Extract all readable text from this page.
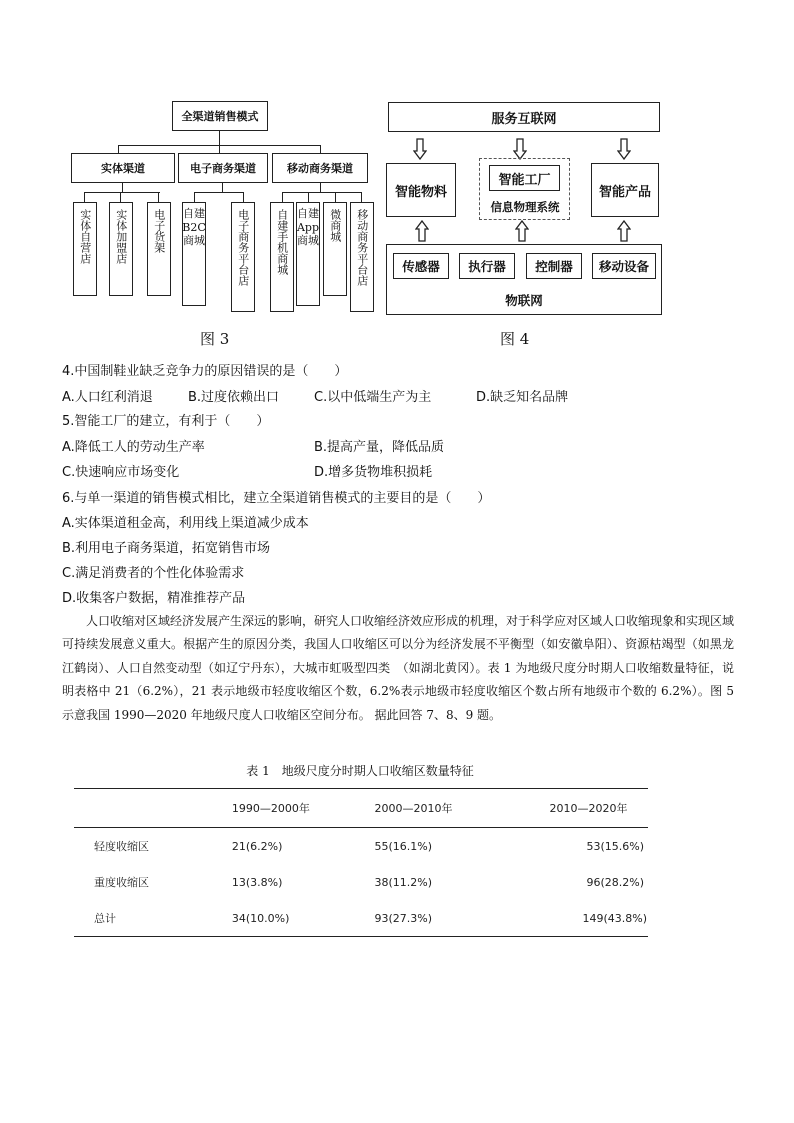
全渠道销售模式
实体渠道	电子商务渠道	移动商务渠道
实体自营店	实体加盟店	电子货架	自建B2C商城	电子商务平台店	自建手机商城 自建App商城 微商城	移动商务平台店
图 3
服务互联网
智能物料
智能工厂
信息物理系统
智能产品
传感器	执行器	控制器	移动设备
物联网
图 4
4.中国制鞋业缺乏竞争力的原因错误的是（　　）
A.人口红利消退	B.过度依赖出口	C.以中低端生产为主	D.缺乏知名品牌
5.智能工厂的建立，有利于（　　）
A.降低工人的劳动生产率	B.提高产量，降低品质
C.快速响应市场变化	D.增多货物堆积损耗
6.与单一渠道的销售模式相比，建立全渠道销售模式的主要目的是（　　）
A.实体渠道租金高，利用线上渠道减少成本
B.利用电子商务渠道，拓宽销售市场
C.满足消费者的个性化体验需求
D.收集客户数据，精准推荐产品

人口收缩对区域经济发展产生深远的影响，研究人口收缩经济效应形成的机理，对于科学应对区域人口收缩现象和实现区域可持续发展意义重大。根据产生的原因分类，我国人口收缩区可以分为经济发展不平衡型（如安徽阜阳）、资源枯竭型（如黑龙江鹤岗）、人口自然变动型（如辽宁丹东），大城市虹吸型四类　（如湖北黄冈）。表 1 为地级尺度分时期人口收缩数量特征，说明表格中 21（6.2%），21 表示地级市轻度收缩区个数，6.2%表示地级市轻度收缩区个数占所有地级市个数的 6.2%）。图 5 示意我国 1990—2020 年地级尺度人口收缩区空间分布。 据此回答 7、8、9 题。

表 1　地级尺度分时期人口收缩区数量特征
	1990—2000年	2000—2010年	2010—2020年
轻度收缩区	21(6.2%)	55(16.1%)	53(15.6%)
重度收缩区	13(3.8%)	38(11.2%)	96(28.2%)
总计	34(10.0%)	93(27.3%)	149(43.8%)
